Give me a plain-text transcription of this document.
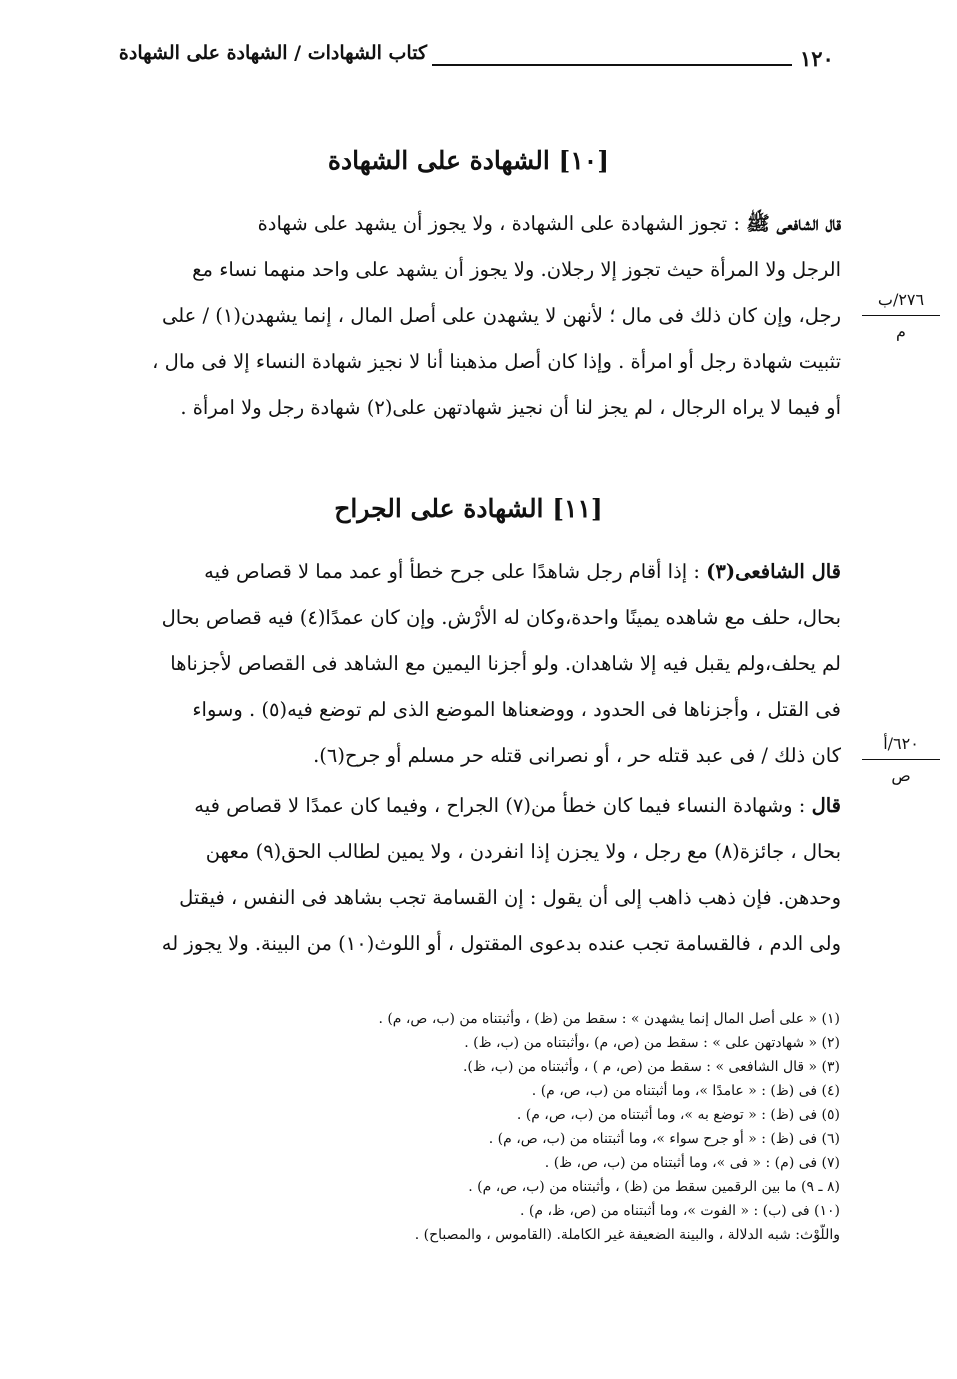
كتاب الشهادات / الشهادة على الشهادة	١٢٠
[١٠] الشهادة على الشهادة
قال الشافعى ﷺ : تجوز الشهادة على الشهادة ، ولا يجوز أن يشهد على شهادة
الرجل ولا المرأة حيث تجوز إلا رجلان. ولا يجوز أن يشهد على واحد منهما نساء مع
رجل، وإن كان ذلك فى مال ؛ لأنهن لا يشهدن على أصل المال ، إنما يشهدن(١) / على
تثبيت شهادة رجل أو امرأة . وإذا كان أصل مذهبنا أنا لا نجيز شهادة النساء إلا فى مال ،
أو فيما لا يراه الرجال ، لم يجز لنا أن نجيز شهادتهن على(٢) شهادة رجل ولا امرأة .
٢٧٦/ب
م
[١١] الشهادة على الجراح
قال الشافعى(٣) : إذا أقام رجل شاهدًا على جرح خطأ أو عمد مما لا قصاص فيه
بحال، حلف مع شاهده يمينًا واحدة،وكان له الأرْش. وإن كان عمدًا(٤) فيه قصاص بحال
لم يحلف،ولم يقبل فيه إلا شاهدان. ولو أجزنا اليمين مع الشاهد فى القصاص لأجزناها
فى القتل ، وأجزناها فى الحدود ، ووضعناها الموضع الذى لم توضع فيه(٥) . وسواء
كان ذلك / فى عبد قتله حر ، أو نصرانى قتله حر مسلم أو جرح(٦).
قال : وشهادة النساء فيما كان خطأ من(٧) الجراح ، وفيما كان عمدًا لا قصاص فيه
بحال ، جائزة(٨) مع رجل ، ولا يجزن إذا انفردن ، ولا يمين لطالب الحق(٩) معهن
وحدهن. فإن ذهب ذاهب إلى أن يقول : إن القسامة تجب بشاهد فى النفس ، فيقتل
ولى الدم ، فالقسامة تجب عنده بدعوى المقتول ، أو اللوث(١٠) من البينة. ولا يجوز له
٦٢٠/أ
ص
(١) « على أصل المال إنما يشهدن » : سقط من (ظ) ، وأثبتناه من (ب، ص، م) .
(٢) « شهادتهن على » : سقط من (ص، م) ،وأثبتناه من (ب، ظ) .
(٣) « قال الشافعى » : سقط من (ص، م ) ، وأثبتناه من (ب، ظ).
(٤) فى (ظ) : « عامدًا »، وما أثبتناه من (ب، ص، م) .
(٥) فى (ظ) : « توضع به »، وما أثبتناه من (ب، ص، م) .
(٦) فى (ظ) : « أو جرح سواء »، وما أثبتناه من (ب، ص، م) .
(٧) فى (م) : « فى »، وما أثبتناه من (ب، ص، ظ) .
(٨ ـ ٩) ما بين الرقمين سقط من (ظ) ، وأثبتناه من (ب، ص، م) .
(١٠) فى (ب) : « الفوت »، وما أثبتناه من (ص، ظ، م) .
واللَّوْث: شبه الدلالة ، والبينة الضعيفة غير الكاملة. (القاموس ، والمصباح) .
